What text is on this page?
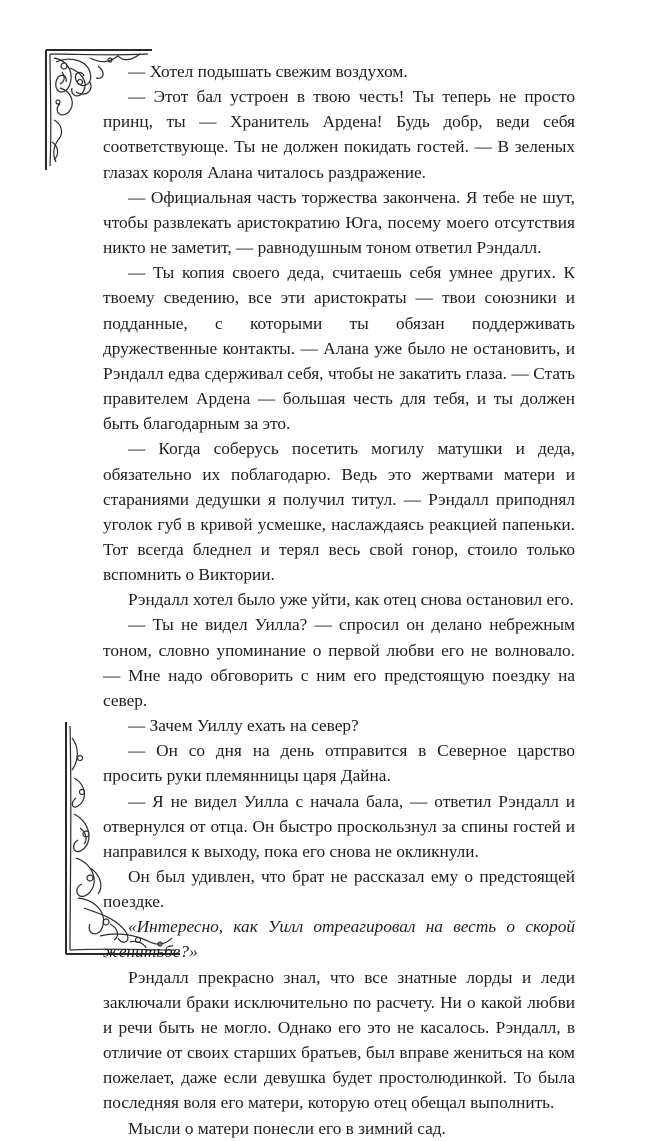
— Хотел подышать свежим воздухом.

— Этот бал устроен в твою честь! Ты теперь не просто принц, ты — Хранитель Ардена! Будь добр, веди себя соответствующе. Ты не должен покидать гостей. — В зеленых глазах короля Алана читалось раздражение.

— Официальная часть торжества закончена. Я тебе не шут, чтобы развлекать аристократию Юга, посему моего отсутствия никто не заметит, — равнодушным тоном ответил Рэндалл.

— Ты копия своего деда, считаешь себя умнее других. К твоему сведению, все эти аристократы — твои союзники и подданные, с которыми ты обязан поддерживать дружественные контакты. — Алана уже было не остановить, и Рэндалл едва сдерживал себя, чтобы не закатить глаза. — Стать правителем Ардена — большая честь для тебя, и ты должен быть благодарным за это.

— Когда соберусь посетить могилу матушки и деда, обязательно их поблагодарю. Ведь это жертвами матери и стараниями дедушки я получил титул. — Рэндалл приподнял уголок губ в кривой усмешке, наслаждаясь реакцией папеньки. Тот всегда бледнел и терял весь свой гонор, стоило только вспомнить о Виктории.

Рэндалл хотел было уже уйти, как отец снова остановил его.

— Ты не видел Уилла? — спросил он делано небрежным тоном, словно упоминание о первой любви его не волновало. — Мне надо обговорить с ним его предстоящую поездку на север.

— Зачем Уиллу ехать на север?

— Он со дня на день отправится в Северное царство просить руки племянницы царя Дайна.

— Я не видел Уилла с начала бала, — ответил Рэндалл и отвернулся от отца. Он быстро проскользнул за спины гостей и направился к выходу, пока его снова не окликнули.

Он был удивлен, что брат не рассказал ему о предстоящей поездке.

«Интересно, как Уилл отреагировал на весть о скорой женитьбе?»

Рэндалл прекрасно знал, что все знатные лорды и леди заключали браки исключительно по расчету. Ни о какой любви и речи быть не могло. Однако его это не касалось. Рэндалл, в отличие от своих старших братьев, был вправе жениться на ком пожелает, даже если девушка будет простолюдинкой. То была последняя воля его матери, которую отец обещал выполнить.

Мысли о матери понесли его в зимний сад.
